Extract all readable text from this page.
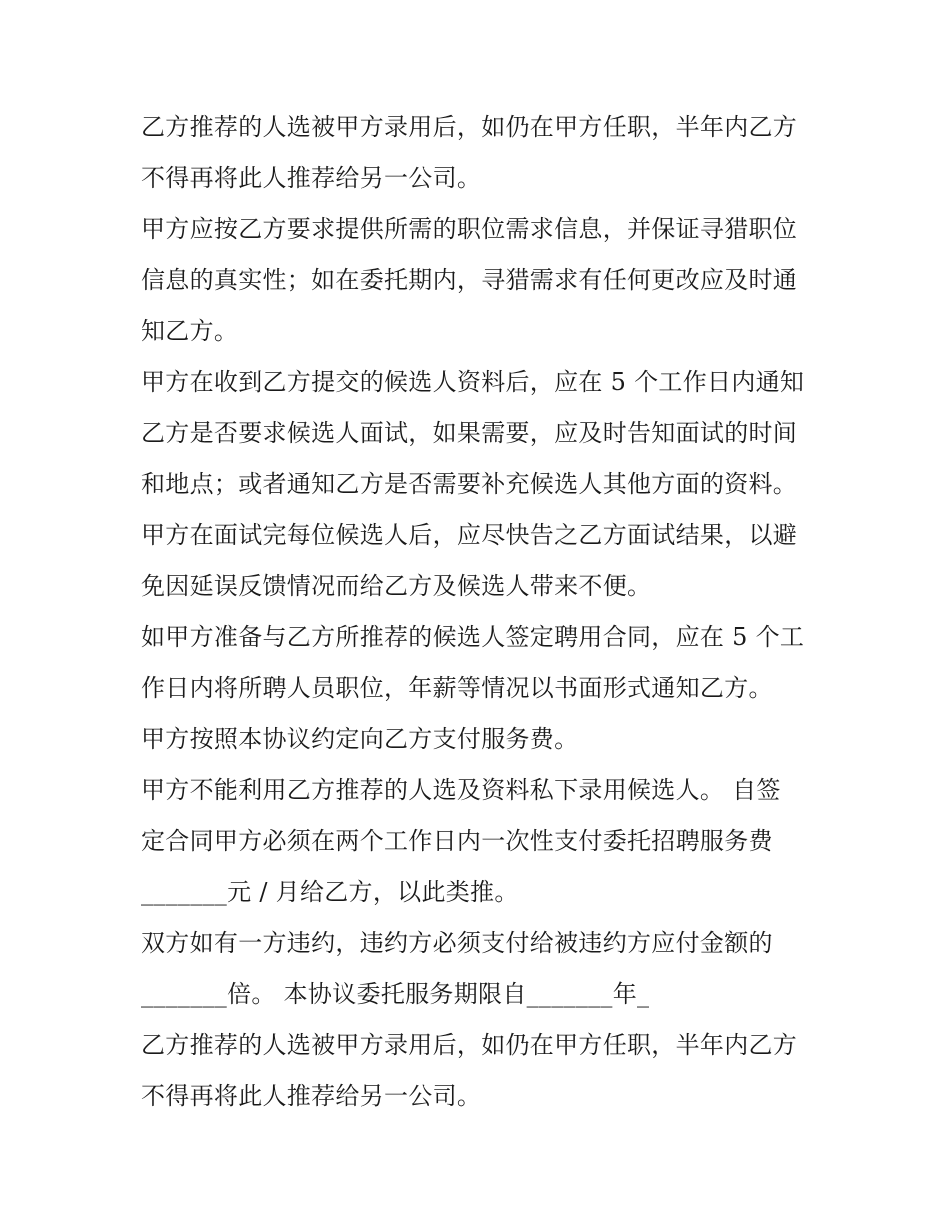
乙方推荐的人选被甲方录用后，如仍在甲方任职，半年内乙方
不得再将此人推荐给另一公司。

甲方应按乙方要求提供所需的职位需求信息，并保证寻猎职位
信息的真实性；如在委托期内，寻猎需求有任何更改应及时通
知乙方。

甲方在收到乙方提交的候选人资料后，应在 5 个工作日内通知
乙方是否要求候选人面试，如果需要，应及时告知面试的时间
和地点；或者通知乙方是否需要补充候选人其他方面的资料。

甲方在面试完每位候选人后，应尽快告之乙方面试结果，以避
免因延误反馈情况而给乙方及候选人带来不便。

如甲方准备与乙方所推荐的候选人签定聘用合同，应在 5 个工
作日内将所聘人员职位，年薪等情况以书面形式通知乙方。

甲方按照本协议约定向乙方支付服务费。

甲方不能利用乙方推荐的人选及资料私下录用候选人。 自签
定合同甲方必须在两个工作日内一次性支付委托招聘服务费
_______元 / 月给乙方，以此类推。

双方如有一方违约，违约方必须支付给被违约方应付金额的
_______倍。 本协议委托服务期限自_______年_

乙方推荐的人选被甲方录用后，如仍在甲方任职，半年内乙方
不得再将此人推荐给另一公司。
